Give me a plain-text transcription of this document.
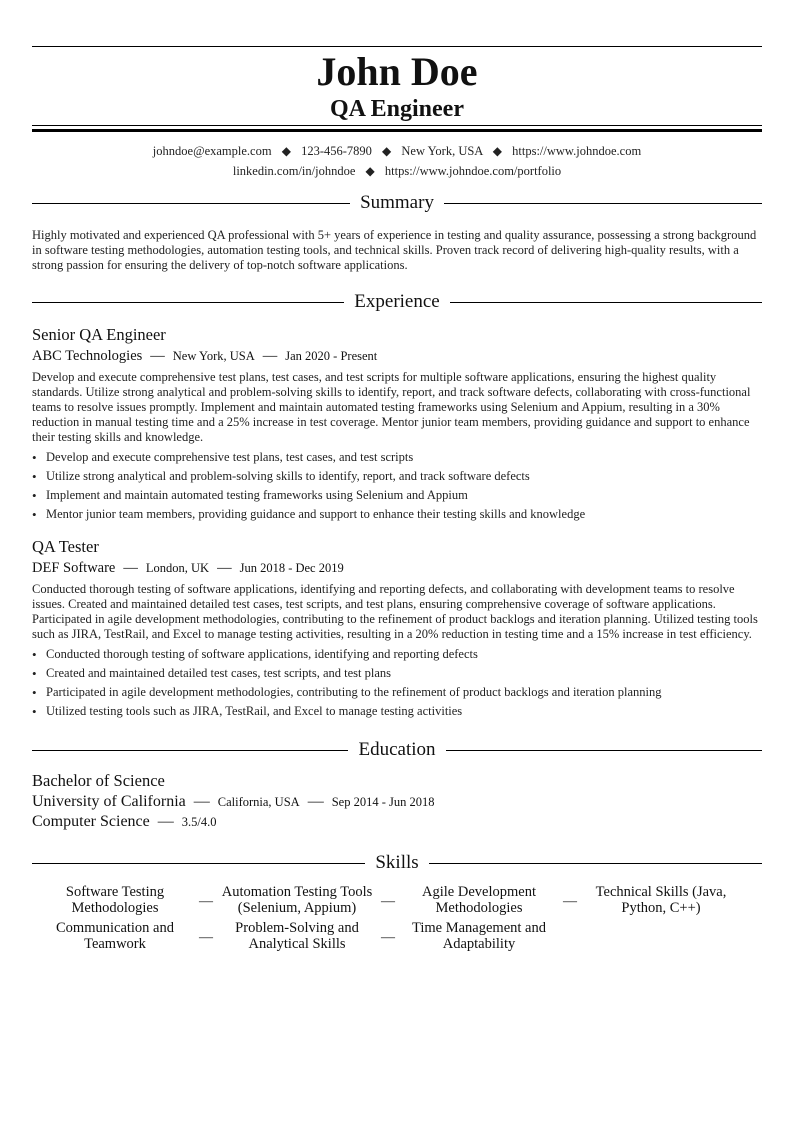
John Doe
QA Engineer
johndoe@example.com ◆ 123-456-7890 ◆ New York, USA ◆ https://www.johndoe.com
linkedin.com/in/johndoe ◆ https://www.johndoe.com/portfolio
Summary
Highly motivated and experienced QA professional with 5+ years of experience in testing and quality assurance, possessing a strong background in software testing methodologies, automation testing tools, and technical skills. Proven track record of delivering high-quality results, with a strong passion for ensuring the delivery of top-notch software applications.
Experience
Senior QA Engineer
ABC Technologies — New York, USA — Jan 2020 - Present
Develop and execute comprehensive test plans, test cases, and test scripts for multiple software applications, ensuring the highest quality standards. Utilize strong analytical and problem-solving skills to identify, report, and track software defects, collaborating with cross-functional teams to resolve issues promptly. Implement and maintain automated testing frameworks using Selenium and Appium, resulting in a 30% reduction in manual testing time and a 25% increase in test coverage. Mentor junior team members, providing guidance and support to enhance their testing skills and knowledge.
• Develop and execute comprehensive test plans, test cases, and test scripts
• Utilize strong analytical and problem-solving skills to identify, report, and track software defects
• Implement and maintain automated testing frameworks using Selenium and Appium
• Mentor junior team members, providing guidance and support to enhance their testing skills and knowledge
QA Tester
DEF Software — London, UK — Jun 2018 - Dec 2019
Conducted thorough testing of software applications, identifying and reporting defects, and collaborating with development teams to resolve issues. Created and maintained detailed test cases, test scripts, and test plans, ensuring comprehensive coverage of software applications. Participated in agile development methodologies, contributing to the refinement of product backlogs and iteration planning. Utilized testing tools such as JIRA, TestRail, and Excel to manage testing activities, resulting in a 20% reduction in testing time and a 15% increase in test efficiency.
• Conducted thorough testing of software applications, identifying and reporting defects
• Created and maintained detailed test cases, test scripts, and test plans
• Participated in agile development methodologies, contributing to the refinement of product backlogs and iteration planning
• Utilized testing tools such as JIRA, TestRail, and Excel to manage testing activities
Education
Bachelor of Science
University of California — California, USA — Sep 2014 - Jun 2018
Computer Science — 3.5/4.0
Skills
Software Testing Methodologies	—
Automation Testing Tools (Selenium, Appium)	—
Agile Development Methodologies	—
Technical Skills (Java, Python, C++)
Communication and Teamwork	—
Problem-Solving and Analytical Skills	—
Time Management and Adaptability
